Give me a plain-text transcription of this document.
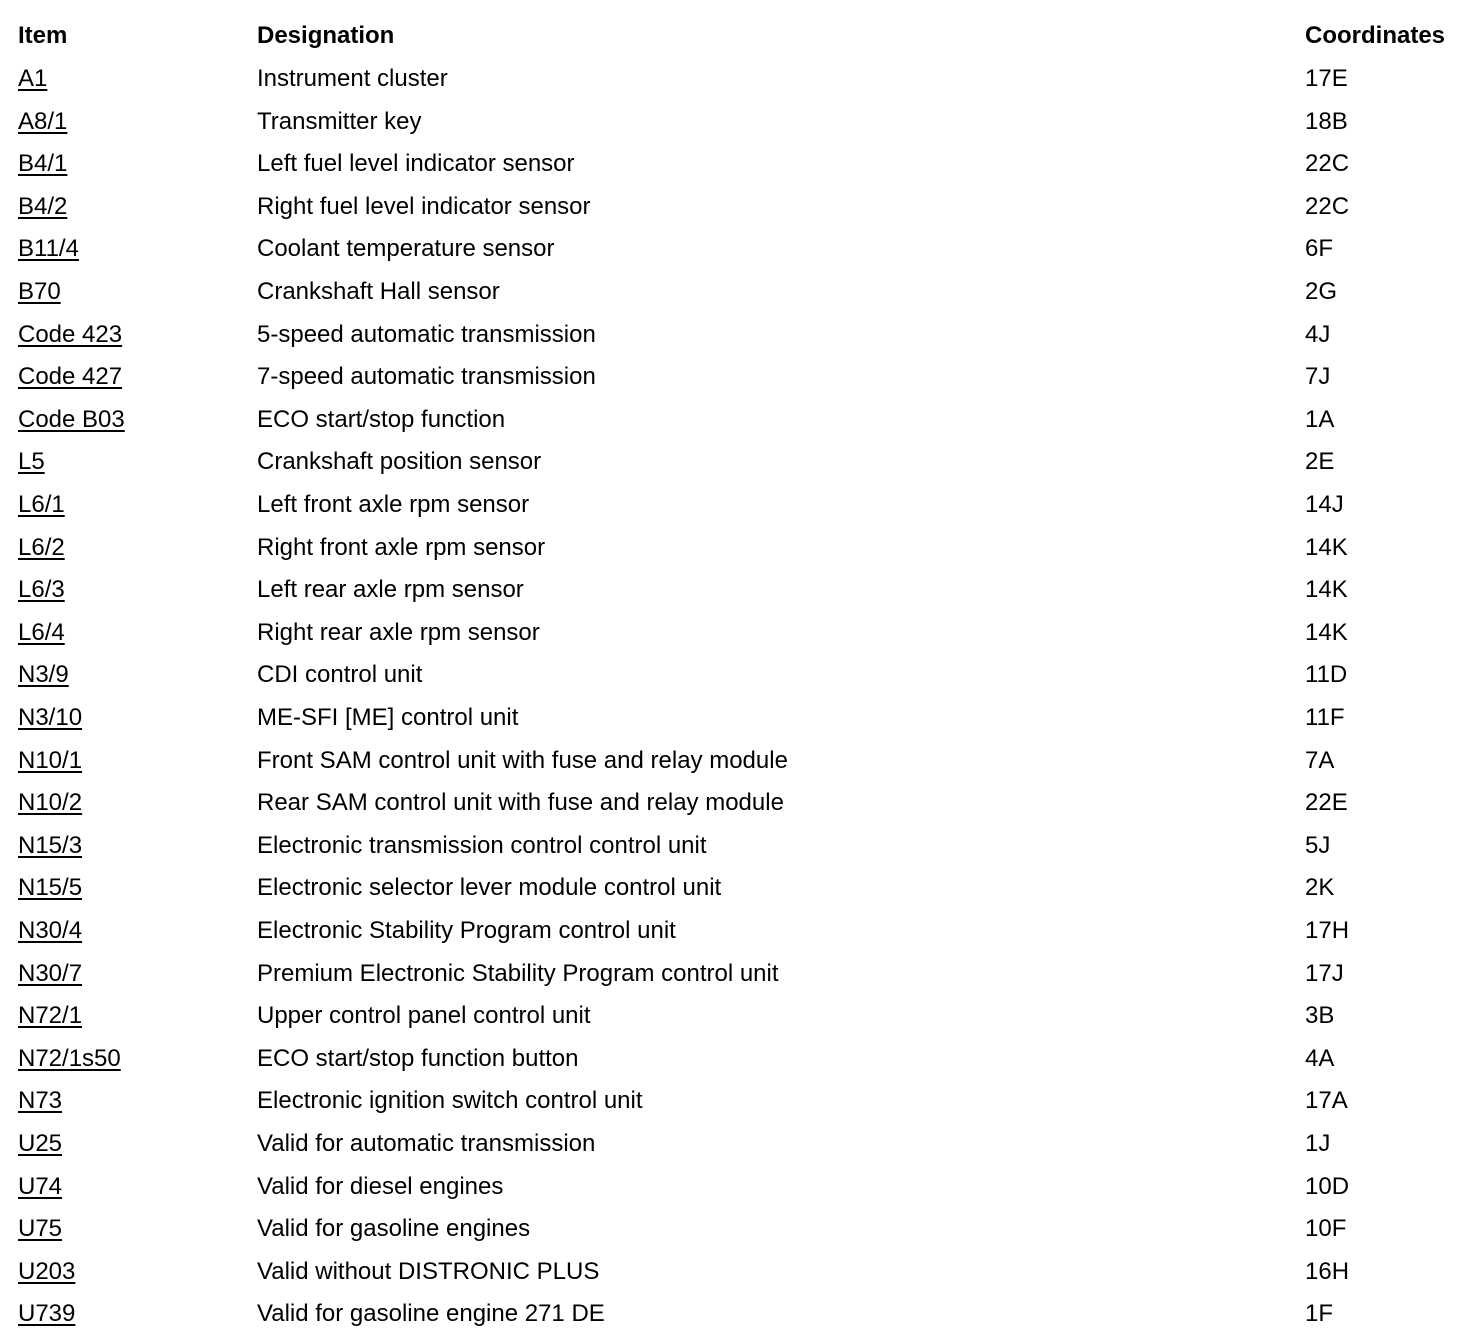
Item	Designation	Coordinates
A1	Instrument cluster	17E
A8/1	Transmitter key	18B
B4/1	Left fuel level indicator sensor	22C
B4/2	Right fuel level indicator sensor	22C
B11/4	Coolant temperature sensor	6F
B70	Crankshaft Hall sensor	2G
Code 423	5-speed automatic transmission	4J
Code 427	7-speed automatic transmission	7J
Code B03	ECO start/stop function	1A
L5	Crankshaft position sensor	2E
L6/1	Left front axle rpm sensor	14J
L6/2	Right front axle rpm sensor	14K
L6/3	Left rear axle rpm sensor	14K
L6/4	Right rear axle rpm sensor	14K
N3/9	CDI control unit	11D
N3/10	ME-SFI [ME] control unit	11F
N10/1	Front SAM control unit with fuse and relay module	7A
N10/2	Rear SAM control unit with fuse and relay module	22E
N15/3	Electronic transmission control control unit	5J
N15/5	Electronic selector lever module control unit	2K
N30/4	Electronic Stability Program control unit	17H
N30/7	Premium Electronic Stability Program control unit	17J
N72/1	Upper control panel control unit	3B
N72/1s50	ECO start/stop function button	4A
N73	Electronic ignition switch control unit	17A
U25	Valid for automatic transmission	1J
U74	Valid for diesel engines	10D
U75	Valid for gasoline engines	10F
U203	Valid without DISTRONIC PLUS	16H
U739	Valid for gasoline engine 271 DE	1F
